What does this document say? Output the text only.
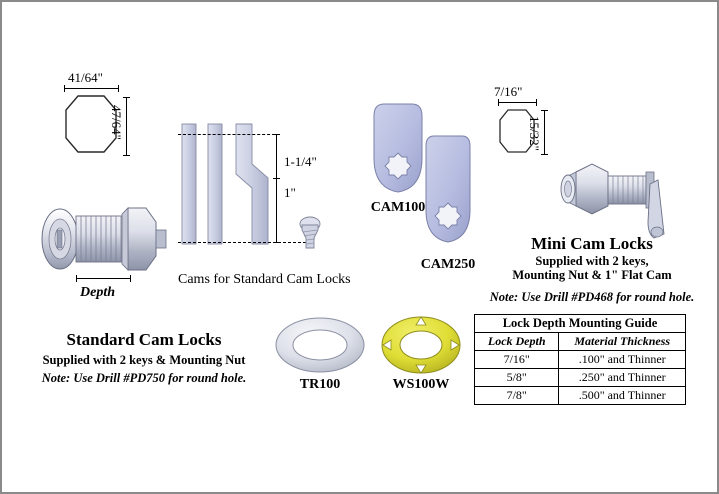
41/64"
47/64"
Depth
1-1/4"
1"
Cams for Standard Cam Locks
CAM100
CAM250
7/16"
15/32"
Mini Cam Locks
Supplied with 2 keys,
Mounting Nut & 1" Flat Cam
Note: Use Drill #PD468 for round hole.
Standard Cam Locks
Supplied with 2 keys & Mounting Nut
Note: Use Drill #PD750 for round hole.	TR100	WS100W
Lock Depth Mounting Guide	
Lock Depth	Material Thickness
7/16"	.100" and Thinner
5/8"	.250" and Thinner
7/8"	.500" and Thinner
